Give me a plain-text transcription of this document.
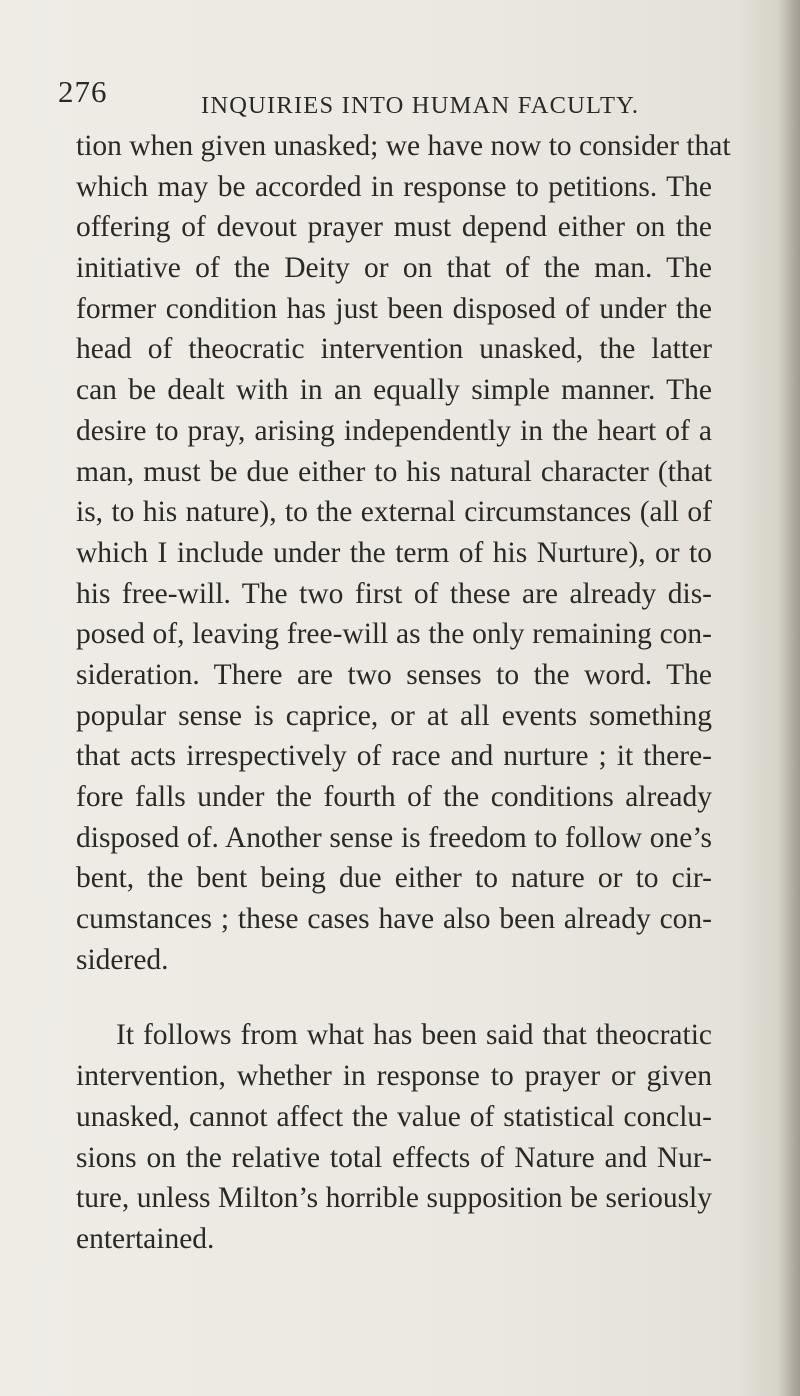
276	INQUIRIES INTO HUMAN FACULTY.
tion when given unasked; we have now to consider that
which may be accorded in response to petitions. The
offering of devout prayer must depend either on the
initiative of the Deity or on that of the man. The
former condition has just been disposed of under the
head of theocratic intervention unasked, the latter
can be dealt with in an equally simple manner. The
desire to pray, arising independently in the heart of a
man, must be due either to his natural character (that
is, to his nature), to the external circumstances (all of
which I include under the term of his Nurture), or to
his free-will. The two first of these are already dis-
posed of, leaving free-will as the only remaining con-
sideration. There are two senses to the word. The
popular sense is caprice, or at all events something
that acts irrespectively of race and nurture ; it there-
fore falls under the fourth of the conditions already
disposed of. Another sense is freedom to follow one’s
bent, the bent being due either to nature or to cir-
cumstances ; these cases have also been already con-
sidered.
It follows from what has been said that theocratic
intervention, whether in response to prayer or given
unasked, cannot affect the value of statistical conclu-
sions on the relative total effects of Nature and Nur-
ture, unless Milton’s horrible supposition be seriously
entertained.
